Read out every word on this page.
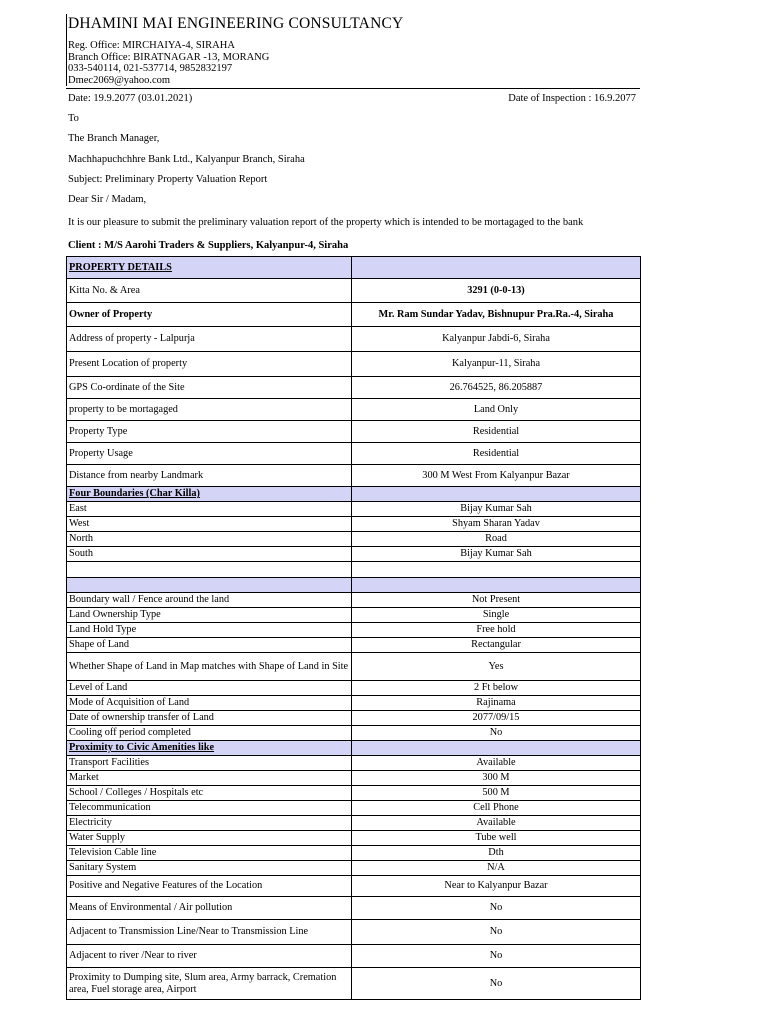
DHAMINI MAI ENGINEERING CONSULTANCY
Reg. Office: MIRCHAIYA-4, SIRAHA
Branch Office: BIRATNAGAR -13, MORANG
033-540114, 021-537714, 9852832197
Dmec2069@yahoo.com
Date: 19.9.2077 (03.01.2021)	Date of Inspection : 16.9.2077
To
The Branch Manager,
Machhapuchchhre Bank Ltd., Kalyanpur Branch, Siraha
Subject: Preliminary Property Valuation Report
Dear Sir / Madam,
It is our pleasure to submit the preliminary valuation report of the property which is intended to be mortagaged to the bank
Client : M/S Aarohi Traders & Suppliers, Kalyanpur-4, Siraha
PROPERTY DETAILS	
Kitta No. & Area	3291 (0-0-13)
Owner of Property	Mr. Ram Sundar Yadav, Bishnupur Pra.Ra.-4, Siraha
Address of property - Lalpurja	Kalyanpur Jabdi-6, Siraha
Present Location of property	Kalyanpur-11, Siraha
GPS Co-ordinate of the Site	26.764525, 86.205887
property to be mortagaged	Land Only
Property Type	Residential
Property Usage	Residential
Distance from nearby Landmark	300 M West From Kalyanpur Bazar
Four Boundaries (Char Killa)	
East	Bijay Kumar Sah
West	Shyam Sharan Yadav
North	Road
South	Bijay Kumar Sah

Boundary wall / Fence around the land	Not Present
Land Ownership Type	Single
Land Hold Type	Free hold
Shape of Land	Rectangular
Whether Shape of Land in Map matches with Shape of Land in Site	Yes
Level of Land	2 Ft below
Mode of Acquisition of Land	Rajinama
Date of ownership transfer of Land	2077/09/15
Cooling off period completed	No
Proximity to Civic Amenities like	
Transport Facilities	Available
Market	300 M
School / Colleges / Hospitals etc	500 M
Telecommunication	Cell Phone
Electricity	Available
Water Supply	Tube well
Television Cable line	Dth
Sanitary System	N/A
Positive and Negative Features of the Location	Near to Kalyanpur Bazar
Means of Environmental / Air pollution	No
Adjacent to Transmission Line/Near to Transmission Line	No
Adjacent to river /Near to river	No
Proximity to Dumping site, Slum area, Army barrack, Cremation area, Fuel storage area, Airport	No
